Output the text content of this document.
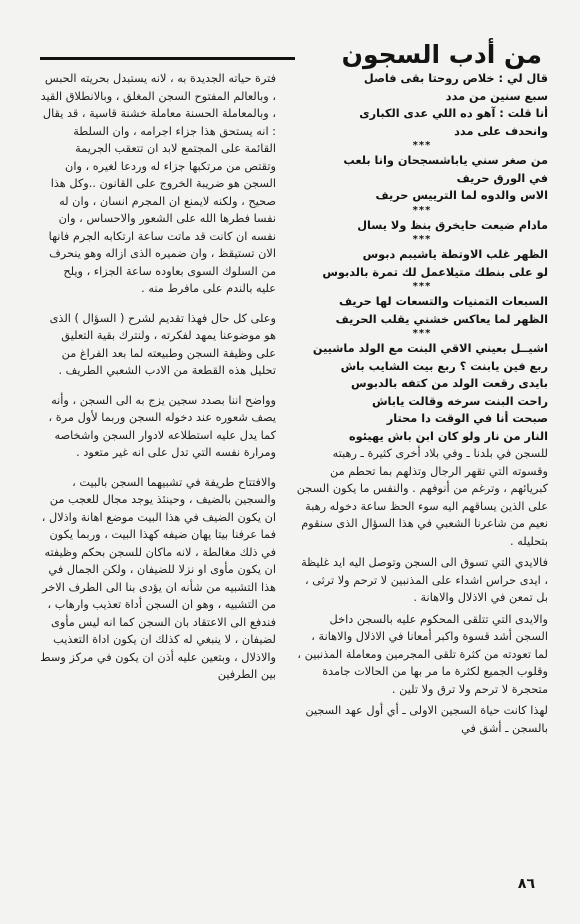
من أدب السجون

قال لي : خلاص روحتا بقى فاصل

سبع سنين من مدد

أنا قلت : آهو ده اللي عدى الكبارى

وانحدف على مدد

***

من صغر سني ياباشسجحان وانا بلعب

في الورق حريف

الاس والدوه لما الترييس حريف

***

مادام ضيعت حايخرق بنظ ولا يسال

***

الظهر غلب الاوتطة ياشيبم دبوس

لو على بنطك متيلاعمل لك تمرة بالدبوس

***

السبعات التمنيات والتسعات لها حريف

الظهر لما يعاكس خشني يقلب الحريف

***

اشيــل بعيني الاقي البنت مع الولد ماشيين

ربع فين يابنت ؟ ربع بيت الشايب باش

بايدى رقعت الولد من كتفه بالدبوس

راحت البنت سرخه وقالت ياباش

صبحت أنا في الوقت دا محتار

النار من نار ولو كان ابن باش يهيئوه

للسجن في بلدنا ـ وفي بلاد أخرى كثيرة ـ رهبته وقسوته التي تقهر الرجال وتذلهم بما تحطم من كبريائهم ، وترغم من أنوفهم . والنفس ما يكون السجن على الذين يساقهم اليه سوء الحظ ساعة دخوله رهبة نعيم من شاعرنا الشعبي في هذا السؤال الذى سنقوم بتحليله .

فالايدي التي تسوق الى السجن وتوصل اليه ايد غليظة ، ايدى حراس اشداء على المذنبين لا ترحم ولا ترثى ، بل تمعن في الاذلال والاهانة .

والايدى التي تتلقى المحكوم عليه بالسجن داخل السجن أشد قسوة واكبر أمعانا في الاذلال والاهانة ، لما تعودته من كثرة تلقى المجرمين ومعاملة المذنبين ، وقلوب الجميع لكثرة ما مر بها من الحالات جامدة متحجرة لا ترحم ولا ترق ولا تلين .

لهذا كانت حياة السجين الاولى ـ أي أول عهد السجين بالسجن ـ أشق في

فترة حياته الجديدة به ، لانه يستبدل بحريته الحبس ، وبالعالم المفتوح السجن المغلق ، وبالانطلاق القيد ، وبالمعاملة الحسنة معاملة خشنة قاسية ، قد يقال : انه يستحق هذا جزاء اجرامه ، وان السلطة القائمة على المجتمع لابد ان تتعقب الجريمة وتقتص من مرتكبها جزاء له وردعا لغيره ، وان السجن هو ضريبة الخروج على القانون ..وكل هذا صحيح ، ولكنه لايمنع ان المجرم انسان ، وان له نفسا فطرها الله على الشعور والاحساس ، وان نفسه ان كانت قد ماتت ساعة ارتكابه الجرم فانها الان تستيقظ ، وان ضميره الذى ازاله وهو ينحرف من السلوك السوى بعاوده ساعة الجزاء ، ويلح عليه بالندم على مافرط منه .

وعلى كل حال فهذا تقديم لشرح ( السؤال ) الذى هو موضوعنا يمهد لفكرته ، ولنترك بقية التعليق على وظيفة السجن وطبيعته لما بعد الفراغ من تحليل هذه القطعة من الادب الشعبي الطريف .

وواضح اننا بصدد سجين يزج به الى السجن ، وأنه يصف شعوره عند دخوله السجن وربما لأول مرة ، كما يدل عليه استطلاعه لادوار السجن واشخاصه ومرارة نفسه التي تدل على انه غير متعود .

والافتتاح طريفة في تشبيهما السجن بالبيت ، والسجين بالضيف ، وحينئذ يوجد مجال للعجب من ان يكون الضيف في هذا البيت موضع اهانة واذلال ، فما عرفنا بيتا يهان ضيفه كهذا البيت ، وربما يكون في ذلك مغالطة ، لانه ماكان للسجن بحكم وظيفته ان يكون مأوى او نزلا للضيفان ، ولكن الجمال في هذا التشبيه من شأنه ان يؤدى بنا الى الطرف الاخر من التشبيه ، وهو ان السجن أداة تعذيب وارهاب ، فندفع الى الاعتقاد بان السجن كما انه ليس مأوى لضيفان ، لا ينبغي له كذلك ان يكون اداة التعذيب والاذلال ، وبتعين عليه أذن ان يكون في مركز وسط بين الطرفين

٨٦
